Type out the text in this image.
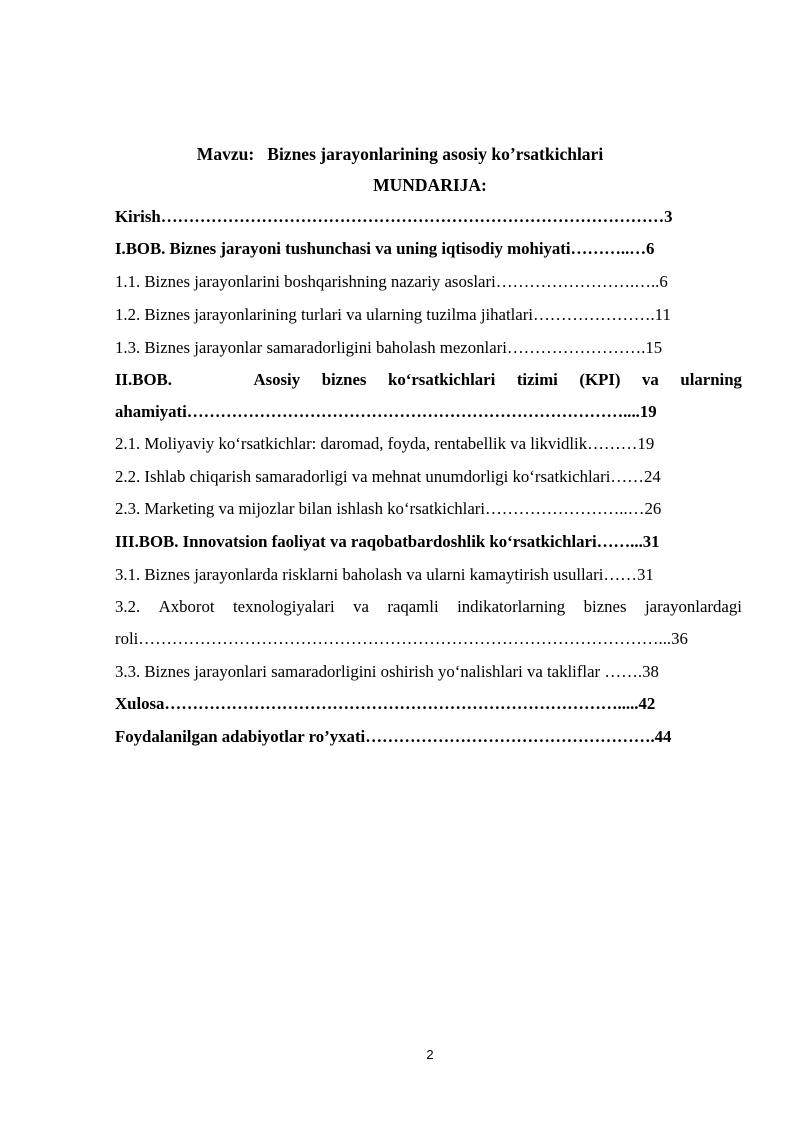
Mavzu:   Biznes jarayonlarining asosiy ko’rsatkichlari
MUNDARIJA:
Kirish………………………………………………………………………………3
I.BOB. Biznes jarayoni tushunchasi va uning iqtisodiy mohiyati………..…6
1.1. Biznes jarayonlarini boshqarishning nazariy asoslari…………………….…..6
1.2. Biznes jarayonlarining turlari va ularning tuzilma jihatlari………………….11
1.3. Biznes jarayonlar samaradorligini baholash mezonlari…………………….15
II.BOB.	Asosiy biznes ko‘rsatkichlari tizimi (KPI) va ularning
ahamiyati……………………………………………………………………....19
2.1. Moliyaviy ko‘rsatkichlar: daromad, foyda, rentabellik va likvidlik………19
2.2. Ishlab chiqarish samaradorligi va mehnat unumdorligi ko‘rsatkichlari……24
2.3. Marketing va mijozlar bilan ishlash ko‘rsatkichlari……………………..…26
III.BOB. Innovatsion faoliyat va raqobatbardoshlik ko‘rsatkichlari……...31
3.1. Biznes jarayonlarda risklarni baholash va ularni kamaytirish usullari……31
3.2. Axborot texnologiyalari va raqamli indikatorlarning biznes jarayonlardagi
roli…………………………………………………………………………………...36
3.3. Biznes jarayonlari samaradorligini oshirish yo‘nalishlari va takliflar …….38
Xulosa……………………………………………………………………….....42
Foydalanilgan adabiyotlar ro’yxati…………………………………………….44
2
